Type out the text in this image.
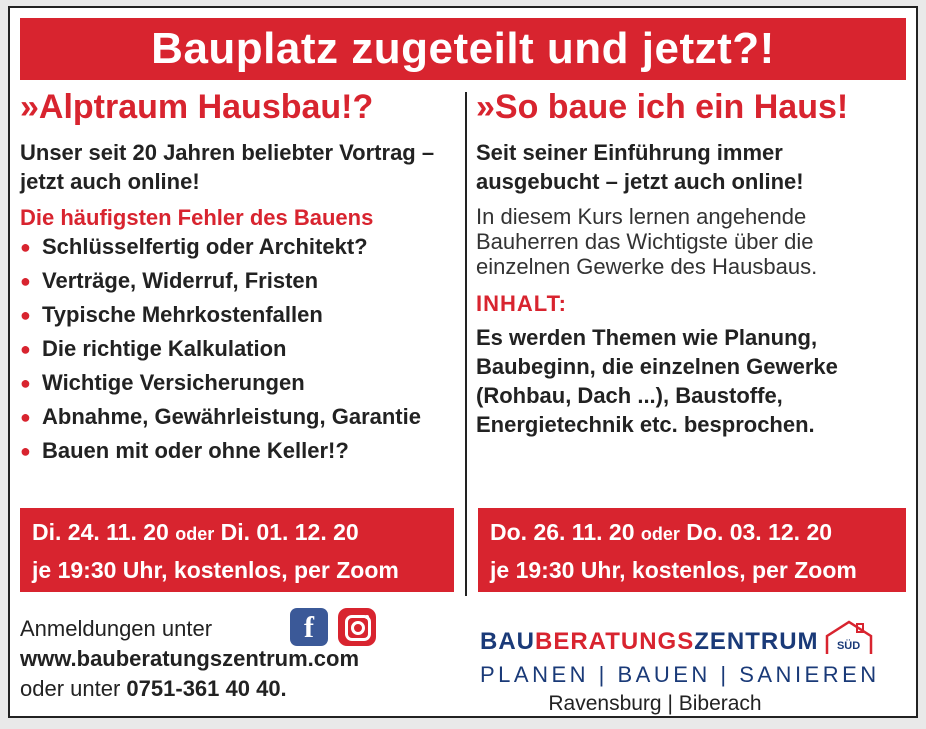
Bauplatz zugeteilt und jetzt?!
»Alptraum Hausbau!?
Unser seit 20 Jahren beliebter Vortrag – jetzt auch online!
Die häufigsten Fehler des Bauens
● Schlüsselfertig oder Architekt?
● Verträge, Widerruf, Fristen
● Typische Mehrkostenfallen
● Die richtige Kalkulation
● Wichtige Versicherungen
● Abnahme, Gewährleistung, Garantie
● Bauen mit oder ohne Keller!?
»So baue ich ein Haus!
Seit seiner Einführung immer ausgebucht – jetzt auch online!
In diesem Kurs lernen angehende Bauherren das Wichtigste über die einzelnen Gewerke des Hausbaus.
INHALT:
Es werden Themen wie Planung, Baubeginn, die einzelnen Gewerke (Rohbau, Dach ...), Baustoffe, Energietechnik etc. besprochen.
Di. 24. 11. 20 oder Di. 01. 12. 20
je 19:30 Uhr, kostenlos, per Zoom
Do. 26. 11. 20 oder Do. 03. 12. 20
je 19:30 Uhr, kostenlos, per Zoom
Anmeldungen unter
www.bauberatungszentrum.com
oder unter 0751-361 40 40.
f	BAUBERATUNGSZENTRUM	SÜD
PLANEN | BAUEN | SANIEREN
Ravensburg | Biberach
